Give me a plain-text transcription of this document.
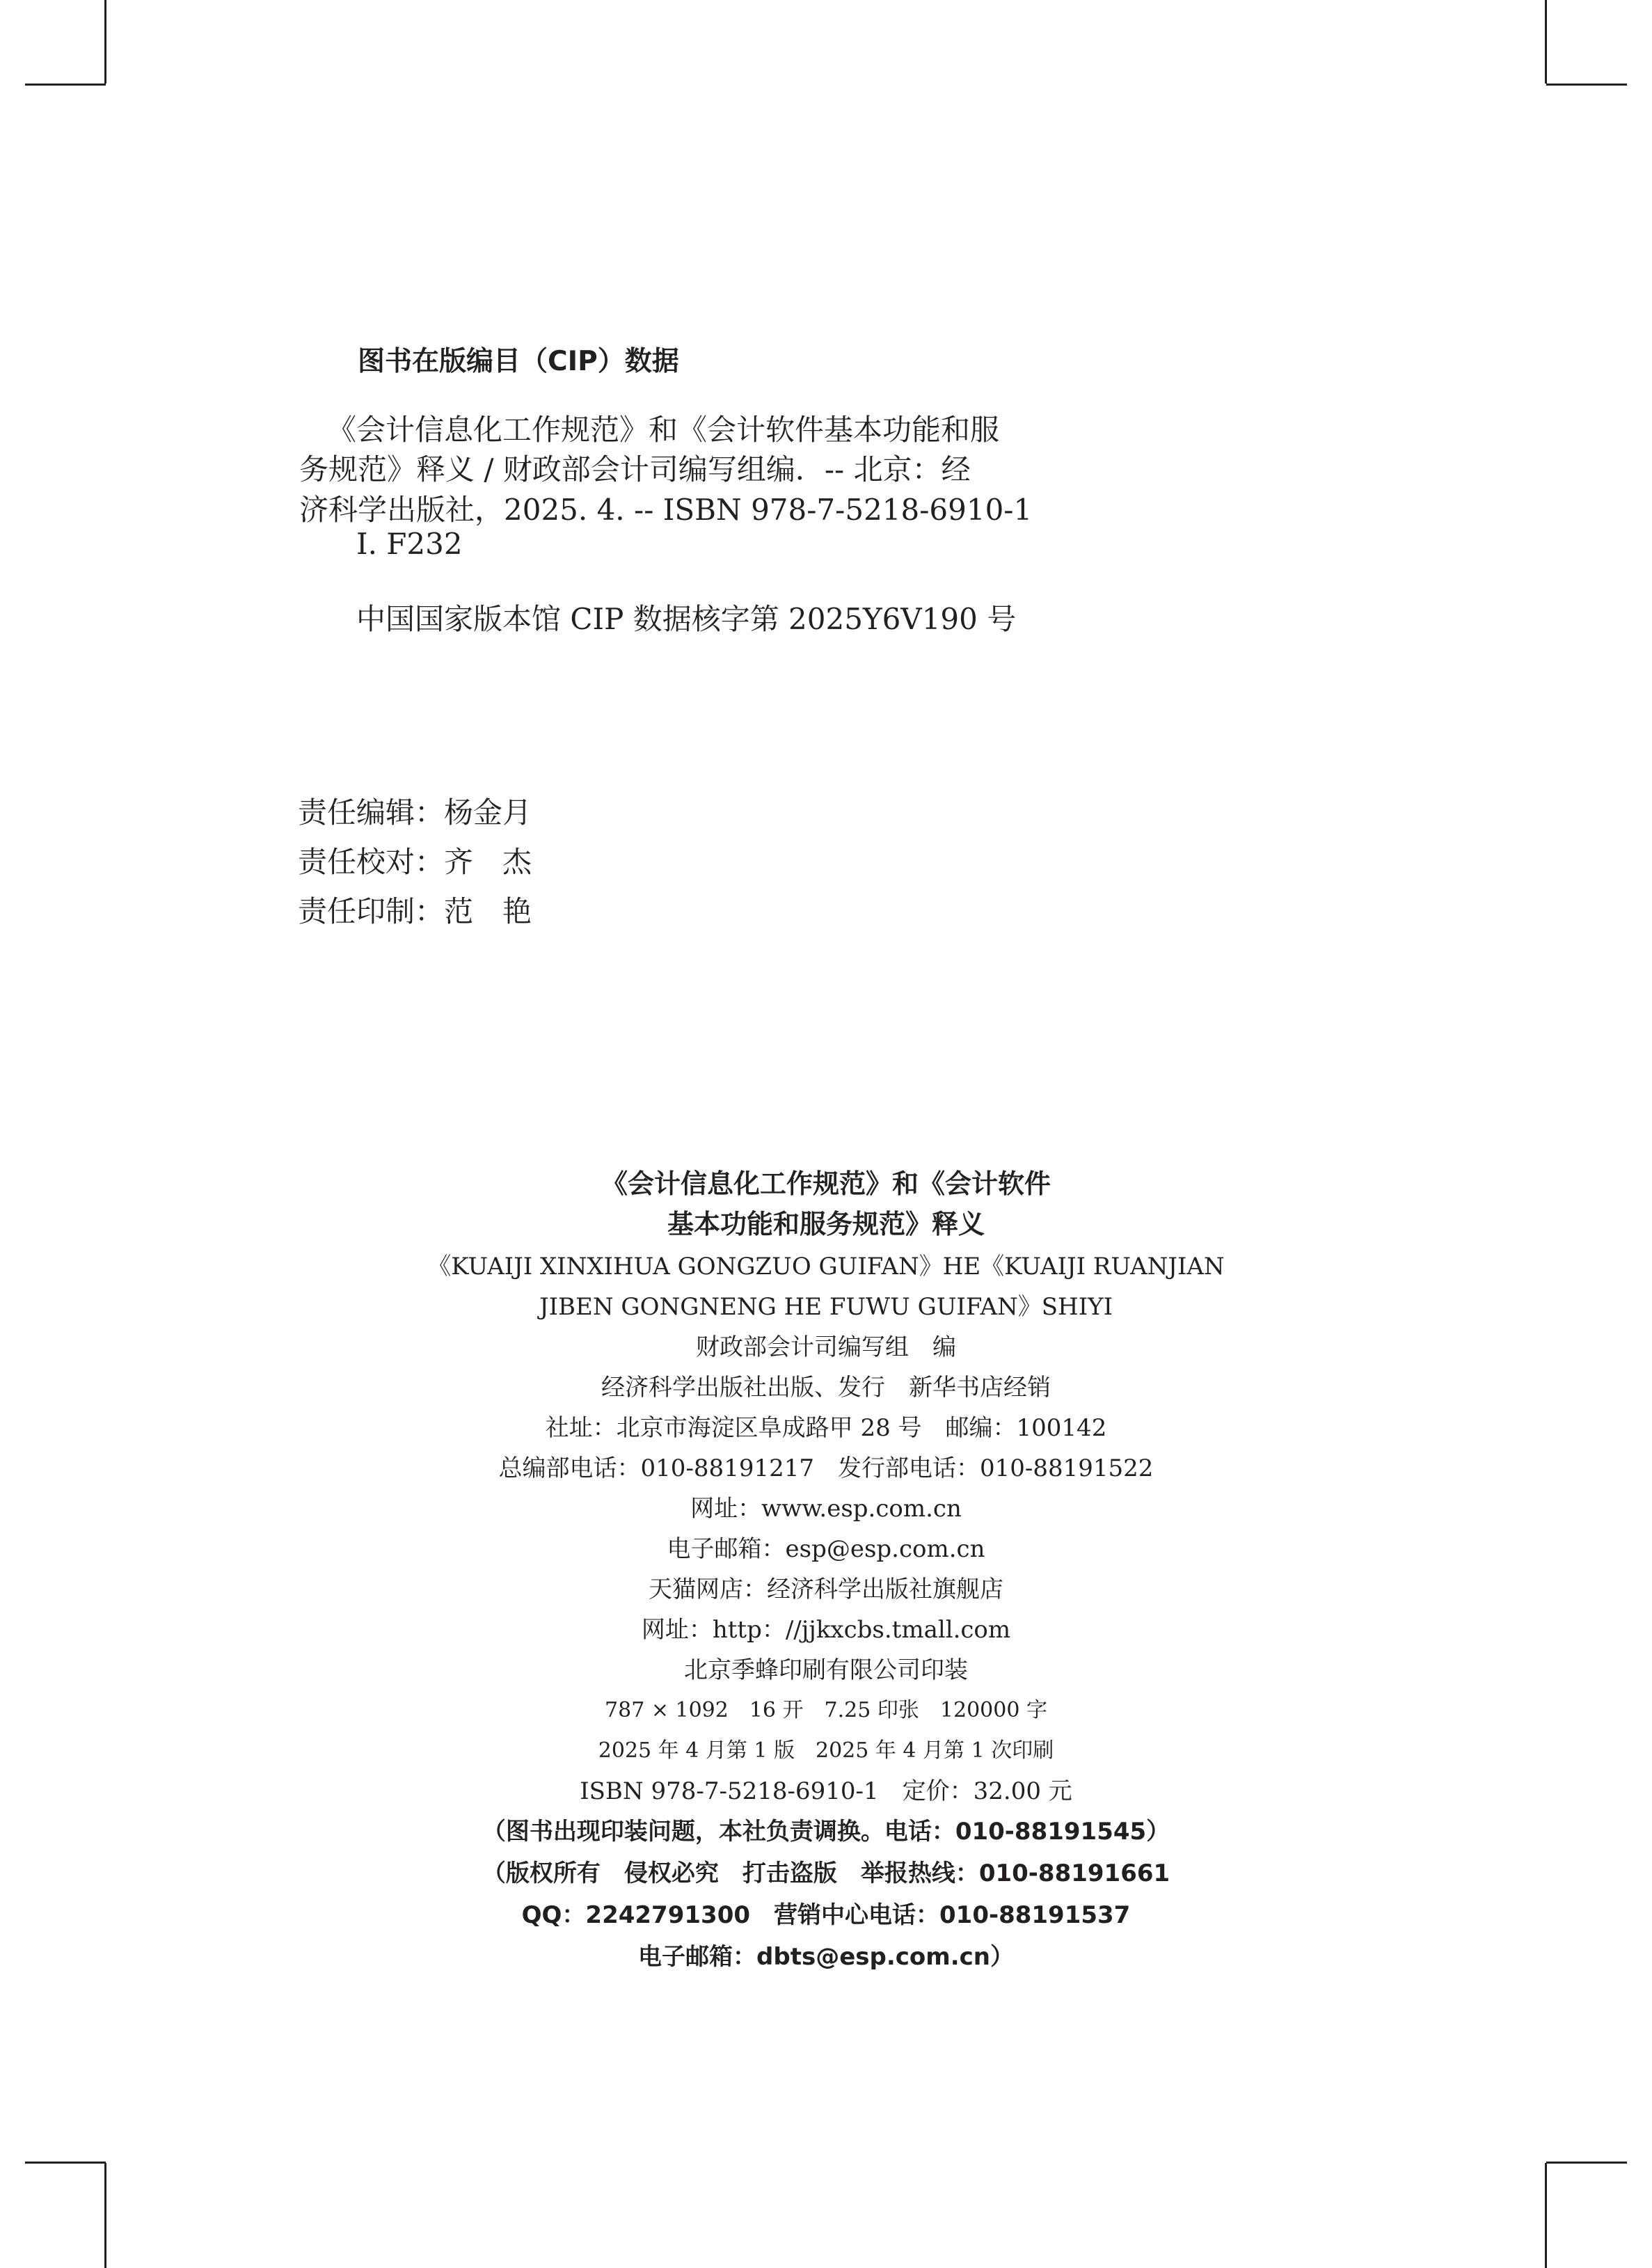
图书在版编目（CIP）数据
《会计信息化工作规范》和《会计软件基本功能和服
务规范》释义 / 财政部会计司编写组编．-- 北京：经
济科学出版社，2025. 4. -- ISBN 978-7-5218-6910-1
Ⅰ. F232
中国国家版本馆 CIP 数据核字第 2025Y6V190 号
责任编辑：杨金月
责任校对：齐　杰
责任印制：范　艳
《会计信息化工作规范》和《会计软件
基本功能和服务规范》释义
《KUAIJI XINXIHUA GONGZUO GUIFAN》HE《KUAIJI RUANJIAN
JIBEN GONGNENG HE FUWU GUIFAN》SHIYI
财政部会计司编写组　编
经济科学出版社出版、发行　新华书店经销
社址：北京市海淀区阜成路甲 28 号　邮编：100142
总编部电话：010-88191217　发行部电话：010-88191522
网址：www.esp.com.cn
电子邮箱：esp@esp.com.cn
天猫网店：经济科学出版社旗舰店
网址：http：//jjkxcbs.tmall.com
北京季蜂印刷有限公司印装
787 × 1092　16 开　7.25 印张　120000 字
2025 年 4 月第 1 版　2025 年 4 月第 1 次印刷
ISBN 978-7-5218-6910-1　定价：32.00 元
（图书出现印装问题，本社负责调换。电话：010-88191545）
（版权所有　侵权必究　打击盗版　举报热线：010-88191661
QQ：2242791300　营销中心电话：010-88191537
电子邮箱：dbts@esp.com.cn）
